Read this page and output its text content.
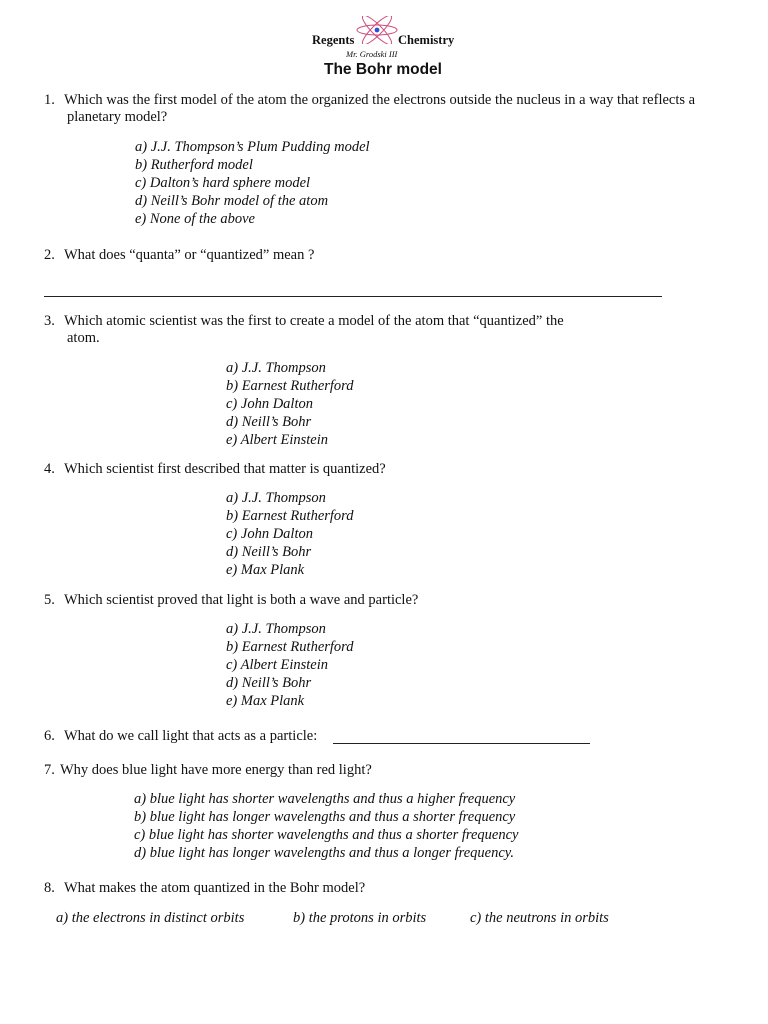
Regents	Chemistry
Mr. Grodski III
The Bohr model
1. Which was the first model of the atom the organized the electrons outside the nucleus in a way that reflects a
planetary model?
a) J.J. Thompson’s Plum Pudding model
b) Rutherford model
c) Dalton’s hard sphere model
d) Neill’s Bohr model of the atom
e) None of the above
2. What does “quanta” or “quantized” mean ?
3. Which atomic scientist was the first to create a model of the atom that “quantized” the
atom.
a) J.J. Thompson
b) Earnest Rutherford
c) John Dalton
d) Neill’s Bohr
e) Albert Einstein
4. Which scientist first described that matter is quantized?
a) J.J. Thompson
b) Earnest Rutherford
c) John Dalton
d) Neill’s Bohr
e) Max Plank
5. Which scientist proved that light is both a wave and particle?
a) J.J. Thompson
b) Earnest Rutherford
c) Albert Einstein
d) Neill’s Bohr
e) Max Plank
6. What do we call light that acts as a particle:
7. Why does blue light have more energy than red light?
a) blue light has shorter wavelengths and thus a higher frequency
b) blue light has longer wavelengths and thus a shorter frequency
c) blue light has shorter wavelengths and thus a shorter frequency
d) blue light has longer wavelengths and thus a longer frequency.
8. What makes the atom quantized in the Bohr model?
a) the electrons in distinct orbits	b) the protons in orbits	c) the neutrons in orbits
